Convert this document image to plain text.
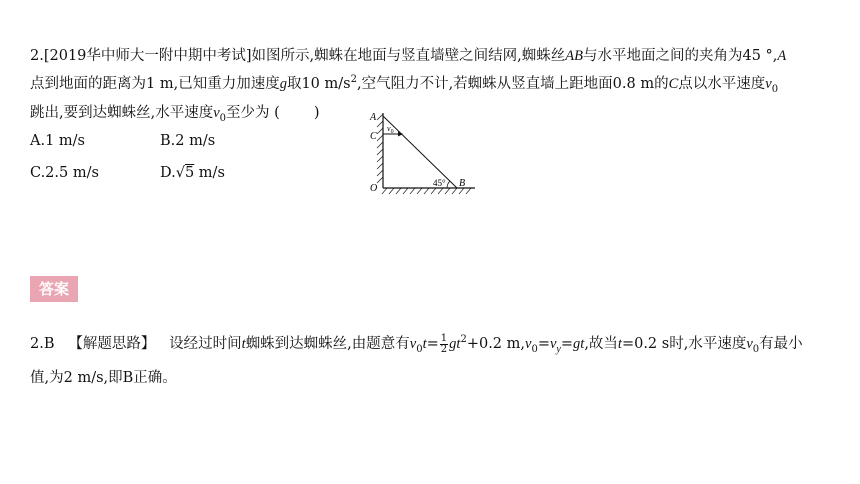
2.[2019华中师大一附中期中考试]如图所示,蜘蛛在地面与竖直墙壁之间结网,蜘蛛丝AB与水平地面之间的夹角为45 °,A
点到地面的距离为1 m,已知重力加速度g取10 $m/s^2$,空气阻力不计,若蜘蛛从竖直墙上距地面0.8 m的C点以水平速度$v_0$
跳出,要到达蜘蛛丝,水平速度$v_0$至少为 ( )
A.1 m/s	B.2 m/s
C.2.5 m/s	D.√5 m/s
A
C
O	B
45°
$v_0$
答案
2.B 【解题思路】 设经过时间t蜘蛛到达蜘蛛丝,由题意有$v_0t= \frac{1}{2} gt^2+0.2$ $m,v_0=v_y=gt$,故当t=0.2 s时,水平速度$v_0$有最小
值,为2 m/s,即B正确。
